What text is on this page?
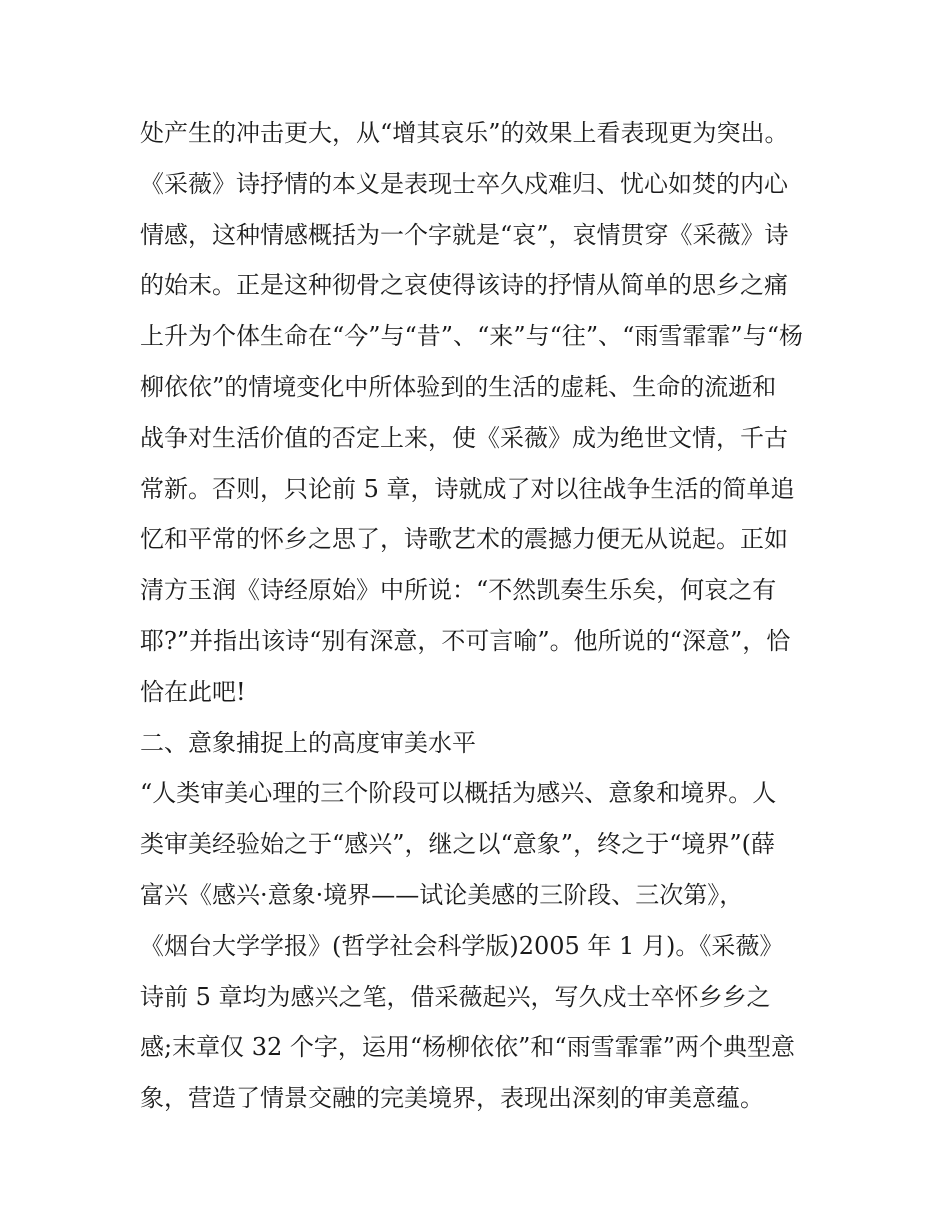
处产生的冲击更大，从“增其哀乐”的效果上看表现更为突出。
《采薇》诗抒情的本义是表现士卒久戍难归、忧心如焚的内心
情感，这种情感概括为一个字就是“哀”，哀情贯穿《采薇》诗
的始末。正是这种彻骨之哀使得该诗的抒情从简单的思乡之痛
上升为个体生命在“今”与“昔”、“来”与“往”、“雨雪霏霏”与“杨
柳依依”的情境变化中所体验到的生活的虚耗、生命的流逝和
战争对生活价值的否定上来，使《采薇》成为绝世文情，千古
常新。否则，只论前 5 章，诗就成了对以往战争生活的简单追
忆和平常的怀乡之思了，诗歌艺术的震撼力便无从说起。正如
清方玉润《诗经原始》中所说：“不然凯奏生乐矣，何哀之有
耶?”并指出该诗“别有深意，不可言喻”。他所说的“深意”，恰
恰在此吧!
二、意象捕捉上的高度审美水平
“人类审美心理的三个阶段可以概括为感兴、意象和境界。人
类审美经验始之于“感兴”，继之以“意象”，终之于“境界”(薛
富兴《感兴·意象·境界——试论美感的三阶段、三次第》，
《烟台大学学报》(哲学社会科学版)2005 年 1 月)。《采薇》
诗前 5 章均为感兴之笔，借采薇起兴，写久戍士卒怀乡乡之
感;末章仅 32 个字，运用“杨柳依依”和“雨雪霏霏”两个典型意
象，营造了情景交融的完美境界，表现出深刻的审美意蕴。
